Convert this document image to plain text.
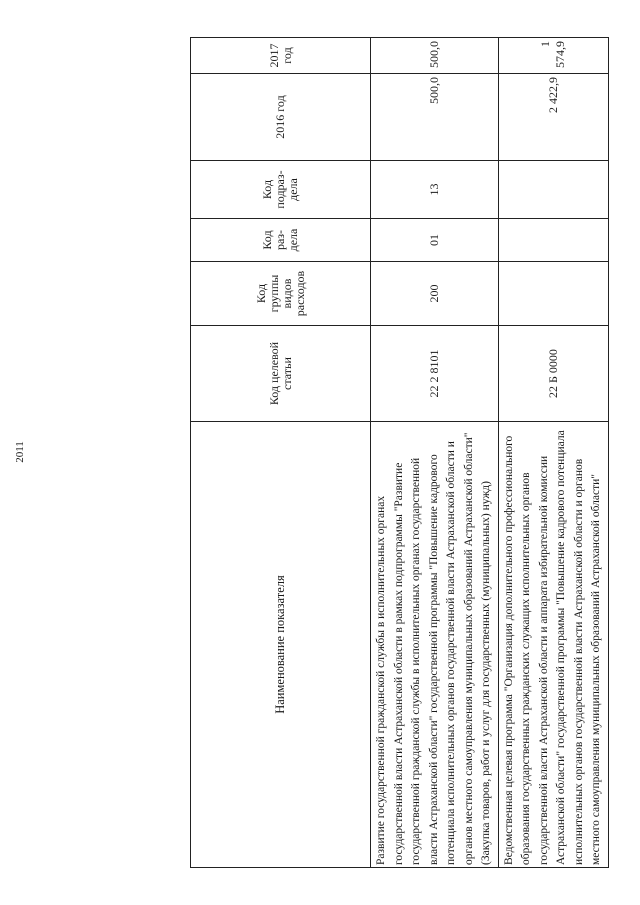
2011
Наименование показателя	Код целевой статьи	Код группы видов расходов	Код раз-дела	Код подраз-дела	2016 год	2017 год

Развитие государственной гражданской службы в исполнительных органах государственной власти Астраханской области в рамках подпрограммы "Развитие государственной гражданской службы в исполнительных органах государственной власти Астраханской области" государственной программы "Повышение кадрового потенциала исполнительных органов государственной власти Астраханской области и органов местного самоуправления муниципальных образований Астраханской области" (Закупка товаров, работ и услуг для государственных (муниципальных) нужд)	22 2 8101	200	01	13	500,0	500,0
Ведомственная целевая программа "Организация дополнительного профессионального образования государственных гражданских служащих исполнительных органов государственной власти Астраханской области и аппарата избирательной комиссии Астраханской области" государственной программы "Повышение кадрового потенциала исполнительных органов государственной власти Астраханской области и органов местного самоуправления муниципальных образований Астраханской области"	22 Б 0000				2 422,9	1 574,9
